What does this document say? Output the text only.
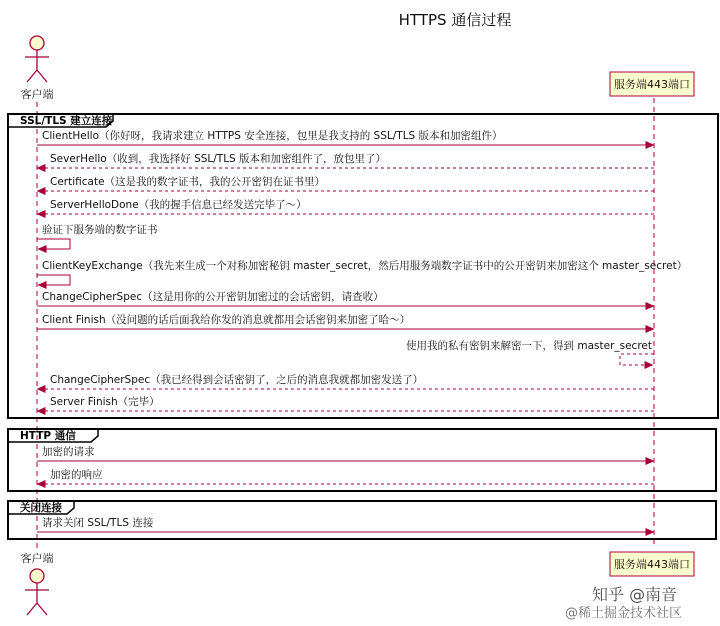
HTTPS 通信过程
客户端
服务端443端口
SSL/TLS 建立连接
HTTP 通信
关闭连接
ClientHello（你好呀，我请求建立 HTTPS 安全连接，包里是我支持的 SSL/TLS 版本和加密组件）
SeverHello（收到，我选择好 SSL/TLS 版本和加密组件了，放包里了）
Certificate（这是我的数字证书，我的公开密钥在证书里）
ServerHelloDone（我的握手信息已经发送完毕了～）
验证下服务端的数字证书
ClientKeyExchange（我先来生成一个对称加密秘钥 master_secret，然后用服务端数字证书中的公开密钥来加密这个 master_secret）
ChangeCipherSpec（这是用你的公开密钥加密过的会话密钥，请查收）
Client Finish（没问题的话后面我给你发的消息就都用会话密钥来加密了哈～）
使用我的私有密钥来解密一下，得到 master_secret
ChangeCipherSpec（我已经得到会话密钥了，之后的消息我就都加密发送了）
Server Finish（完毕）
加密的请求
加密的响应
请求关闭 SSL/TLS 连接
客户端	服务端443端口
知乎 @南音
@稀土掘金技术社区
